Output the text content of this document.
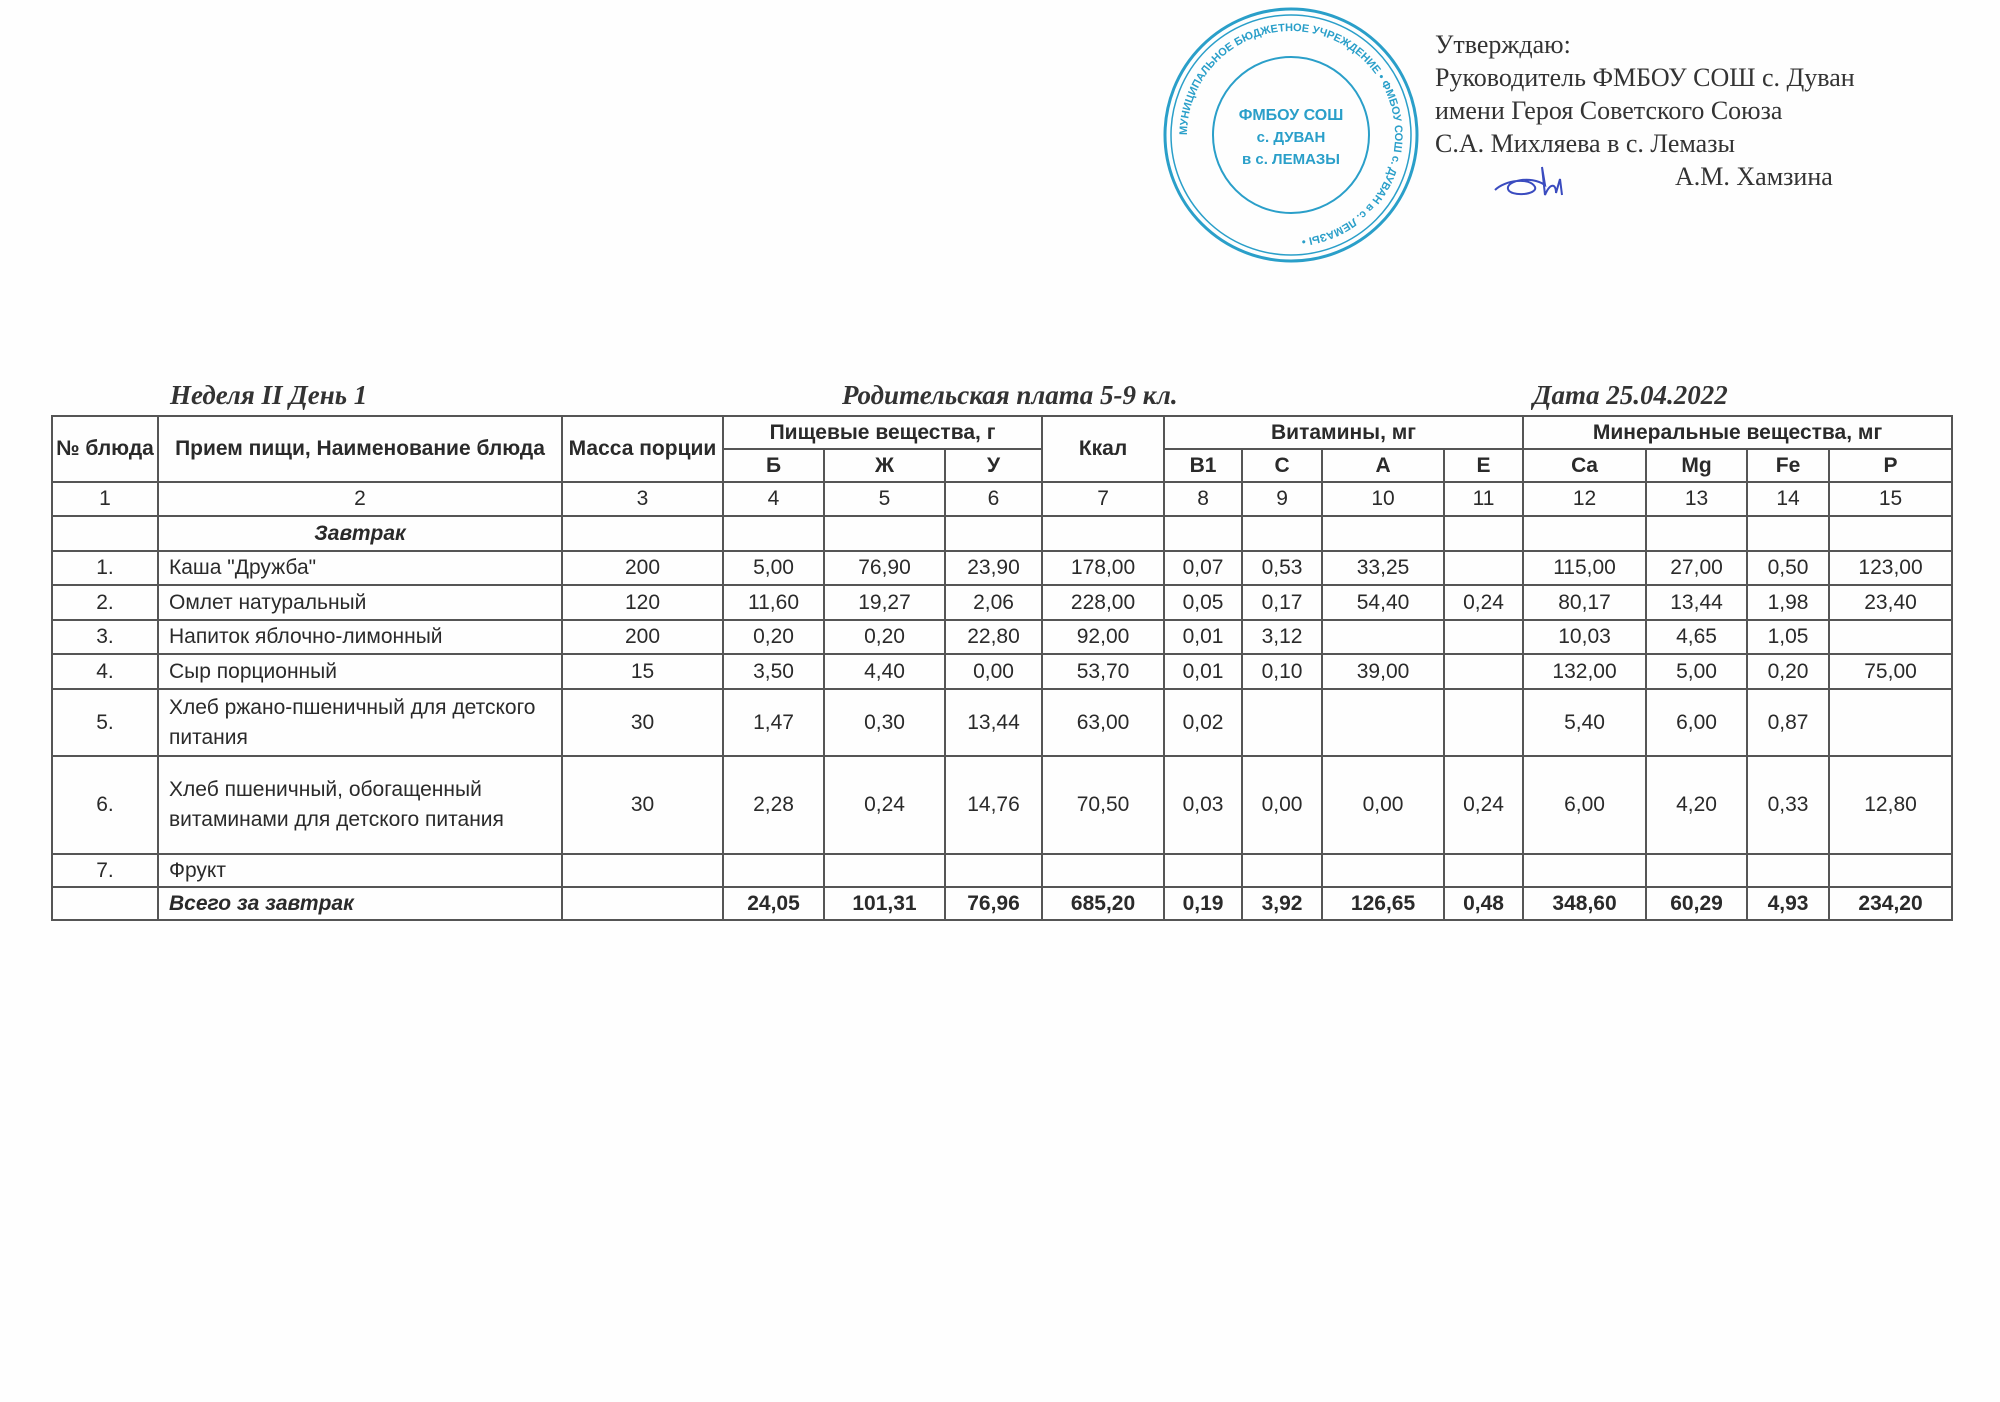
Утверждаю:
Руководитель ФМБОУ СОШ с. Дуван
имени Героя Советского Союза
С.А. Михляева в с. Лемазы
А.М. Хамзина
МУНИЦИПАЛЬНОЕ БЮДЖЕТНОЕ УЧРЕЖДЕНИЕ • ФМБОУ СОШ с. ДУВАН в с. ЛЕМАЗЫ •
ФМБОУ СОШ
с. ДУВАН
в с. ЛЕМАЗЫ
Неделя II День 1	Родительская плата 5-9 кл.	Дата 25.04.2022
№ блюда	Прием пищи, Наименование блюда	Масса порции	Пищевые вещества, г			Ккал	Витамины, мг				Минеральные вещества, мг			
			Б	Ж	У		B1	C	A	E	Ca	Mg	Fe	P
1	2	3	4	5	6	7	8	9	10	11	12	13	14	15
	Завтрак													
1.	Каша "Дружба"	200	5,00	76,90	23,90	178,00	0,07	0,53	33,25		115,00	27,00	0,50	123,00
2.	Омлет натуральный	120	11,60	19,27	2,06	228,00	0,05	0,17	54,40	0,24	80,17	13,44	1,98	23,40
3.	Напиток яблочно-лимонный	200	0,20	0,20	22,80	92,00	0,01	3,12			10,03	4,65	1,05	
4.	Сыр порционный	15	3,50	4,40	0,00	53,70	0,01	0,10	39,00		132,00	5,00	0,20	75,00
5.	Хлеб ржано-пшеничный для детского питания	30	1,47	0,30	13,44	63,00	0,02				5,40	6,00	0,87	
6.	Хлеб пшеничный, обогащенный витаминами для детского питания	30	2,28	0,24	14,76	70,50	0,03	0,00	0,00	0,24	6,00	4,20	0,33	12,80
7.	Фрукт													
	Всего за завтрак		24,05	101,31	76,96	685,20	0,19	3,92	126,65	0,48	348,60	60,29	4,93	234,20
